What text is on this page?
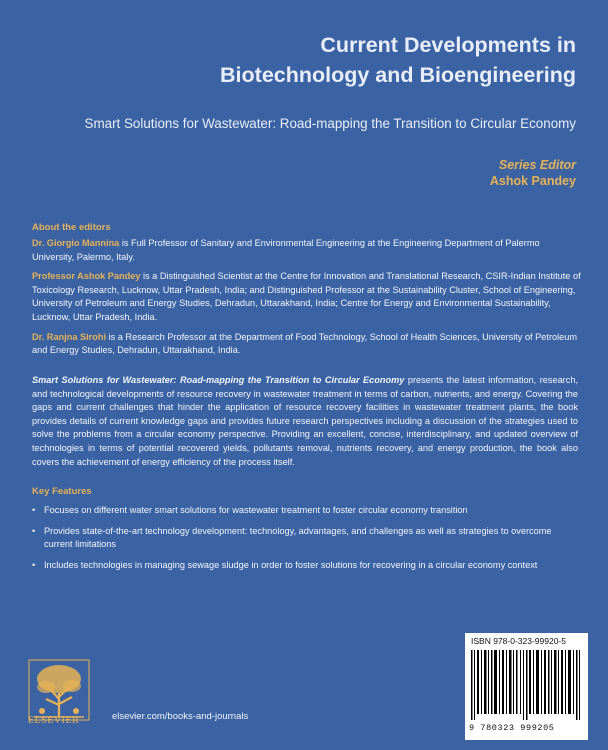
Current Developments in
Biotechnology and Bioengineering
Smart Solutions for Wastewater: Road-mapping the Transition to Circular Economy
Series Editor
Ashok Pandey
About the editors

Dr. Giorgio Mannina is Full Professor of Sanitary and Environmental Engineering at the Engineering Department of Palermo University, Palermo, Italy.

Professor Ashok Pandey is a Distinguished Scientist at the Centre for Innovation and Translational Research, CSIR-Indian Institute of Toxicology Research, Lucknow, Uttar Pradesh, India; and Distinguished Professor at the Sustainability Cluster, School of Engineering, University of Petroleum and Energy Studies, Dehradun, Uttarakhand, India; Centre for Energy and Environmental Sustainability, Lucknow, Uttar Pradesh, India.

Dr. Ranjna Sirohi is a Research Professor at the Department of Food Technology, School of Health Sciences, University of Petroleum and Energy Studies, Dehradun, Uttarakhand, India.

Smart Solutions for Wastewater: Road-mapping the Transition to Circular Economy presents the latest information, research, and technological developments of resource recovery in wastewater treatment in terms of carbon, nutrients, and energy. Covering the gaps and current challenges that hinder the application of resource recovery facilities in wastewater treatment plants, the book provides details of current knowledge gaps and provides future research perspectives including a discussion of the strategies used to solve the problems from a circular economy perspective. Providing an excellent, concise, interdisciplinary, and updated overview of technologies in terms of potential recovered yields, pollutants removal, nutrients recovery, and energy production, the book also covers the achievement of energy efficiency of the process itself.
Key Features
• Focuses on different water smart solutions for wastewater treatment to foster circular economy transition
• Provides state-of-the-art technology development: technology, advantages, and challenges as well as strategies to overcome current limitations
• Includes technologies in managing sewage sludge in order to foster solutions for recovering in a circular economy context
ELSEVIER	elsevier.com/books-and-journals
ISBN 978-0-323-99920-5
9 780323 999205
